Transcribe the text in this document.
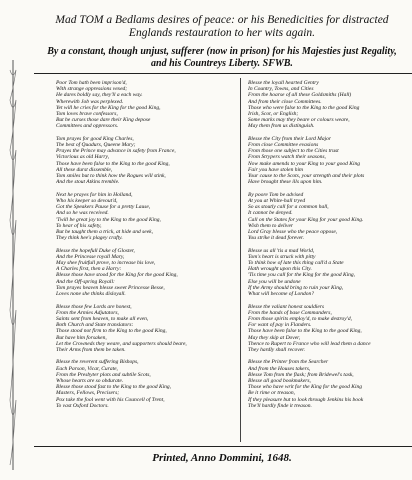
Mad TOM a Bedlams desires of peace: or his Benedicities for distracted
Englands restauration to her wits again.
By a constant, though unjust, sufferer (now in prison) for his Majesties just Regality,
and his Countreys Liberty. SFWB.
Poor Tom hath been imprison'd,
With strange oppressions vexed;
He dares boldly say, they'll a each way.
Wherewith Job was perplexed.
Yet will he cries for the King for the good King,
Tom loves brave confessors,
But he curses those dare their King depose
Committees and oppressors.
Tom prayes for good King Charles,
The best of Quadurs, Queene Mary;
Prayes the Prince may advance in safety from France,
Victorious as old Harry,
Those have been false to the King to the good King,
All these durst dissemble,
Tom smiles but to think how the Rogues will stink,
And the stout Atkins tremble.
Next he prayes for him in Holland,
Who his keeper so devout'd,
Got the Speakers Pause for a pretty Lause,
And so he was received.
'Twill be great joy to the King to the good King,
To hear of his safety,
But he taught them a trick, at hide and seek,
They think hee's plagey crafty.
Blesse the hopefull Duke of Gloster,
And the Princesse royall Mary,
May shee fruitfull prove, to increase his love,
A Charles first, then a Harry:
Blesse those have stood for the King for the good King,
And the Off-spring Royall:
Tom prayes heaven blesse sweet Princesse Besse,
Loves none she thinks disloyall.
Blesse those few Lords are honest,
From the Armies Adjutators,
Saints sent from heaven, to make all even,
Both Church and State translators:
Those stood not firm to the King to the good King,
But have him forsaken,
Let the Crowneds they weare, and supporters should beare,
Their Arms from them be taken.
Blesse the reverent suffering Bishops,
Each Parson, Vicar, Curate,
From the Presbyter plots and subtile Scots,
Whose hearts are so obdurate.
Blesse those stood fast to the King to the good King,
Masters, Fellows, Precisers;
Pox take the fool went with his Councell of Trent,
To vast Oxford Doctors.
Blesse the loyall hearted Gentry
In Country, Towns, and Cities
From the hoarse of all these Goldsmiths (Hall)
And from their close Committees.
Those who were false to the King to the good King
Irish, Scot, or English;
Some marks may they beare or colours weare,
May them from us distinguish.
Blesse the City from their Lord Major
From close Committee evasions
From those one subject to the Cities trust
From Strypers watch their seasons,
Now make amends to your King to your good King
Fair you have stolen him
Your cause to the Scots, your strength and their plots
Have brought these ills upon him.
By poore Tom be advised
At you at White-hall tryed
So as stoutly call for a common hall,
It cannot be denyed.
Call on the States for your King for your good King.
Wish them to deliver
Lord Gray blesse who the peace oppose,
You strike it dead forever.
Blesse us all 'tis a mad World,
Tom's heart is struck with pitty
To think how of late this thing call'd a State
Hath wrought upon this City.
'Tis time you call for the King for the good King,
Else you will be undone
If the Army should bring to ruin your King,
What will become of London?
Blesse the valiant honest souldiers
From the hands of base Commanders,
From those spirits employ'd, to make destroy'd,
For want of pay in Flanders.
Those have been false to the King to the good King,
May they skip at Dover,
Thence to Rupert to France who will lead them a dance
They hardly shall recover.
Blesse the Printer from the Searcher
And from the Houses takers,
Blesse Tom from the flask; from Bridewel's task,
Blesse all good bookmakers,
Those who have writ for the King for the good King
Be it rime or treason,
If they pleasure but to look through Jenkins his book
The'll hardly finde it treason.
Printed, Anno Dommini, 1648.
